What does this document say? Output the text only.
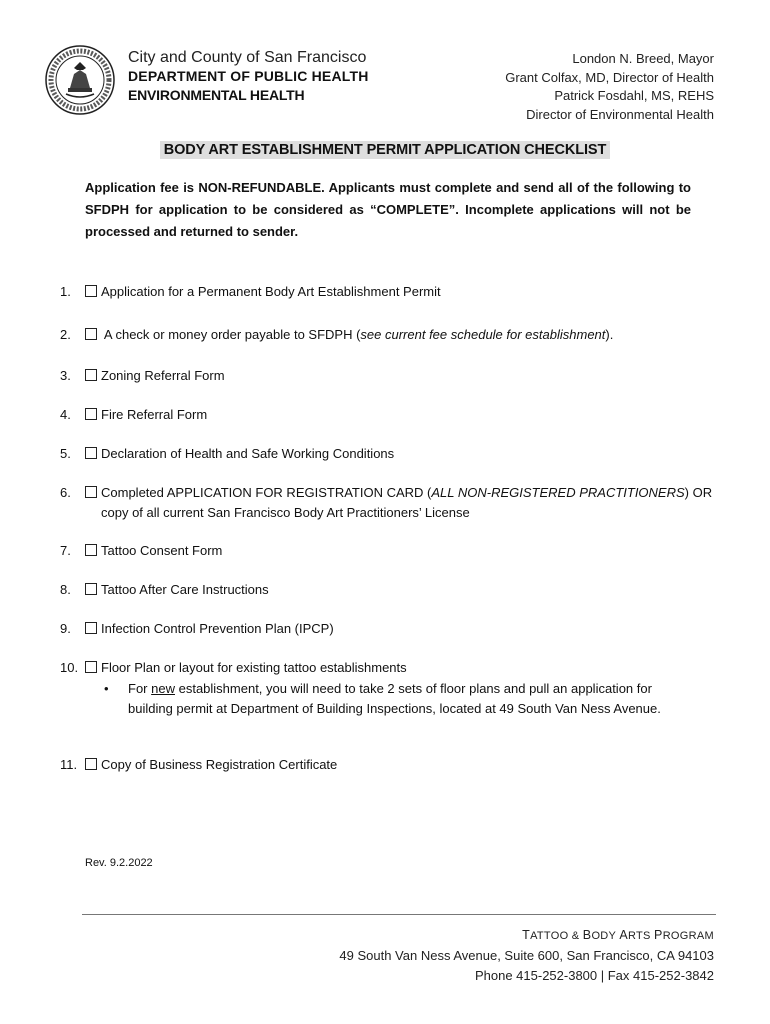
City and County of San Francisco
DEPARTMENT OF PUBLIC HEALTH
ENVIRONMENTAL HEALTH
London N. Breed, Mayor
Grant Colfax, MD, Director of Health
Patrick Fosdahl, MS, REHS
Director of Environmental Health
BODY ART ESTABLISHMENT PERMIT APPLICATION CHECKLIST
Application fee is NON-REFUNDABLE. Applicants must complete and send all of the following to SFDPH for application to be considered as “COMPLETE”. Incomplete applications will not be processed and returned to sender.
1. Application for a Permanent Body Art Establishment Permit
2.	A check or money order payable to SFDPH (see current fee schedule for establishment).
3. Zoning Referral Form
4. Fire Referral Form
5. Declaration of Health and Safe Working Conditions
6. Completed APPLICATION FOR REGISTRATION CARD (ALL NON-REGISTERED PRACTITIONERS) OR
copy of all current San Francisco Body Art Practitioners’ License
7. Tattoo Consent Form
8. Tattoo After Care Instructions
9. Infection Control Prevention Plan (IPCP)
10. Floor Plan or layout for existing tattoo establishments
•	For new establishment, you will need to take 2 sets of floor plans and pull an application for building permit at Department of Building Inspections, located at 49 South Van Ness Avenue.
11. Copy of Business Registration Certificate
Rev. 9.2.2022
TATTOO & BODY ARTS PROGRAM
49 South Van Ness Avenue, Suite 600, San Francisco, CA 94103
Phone 415-252-3800 | Fax 415-252-3842
